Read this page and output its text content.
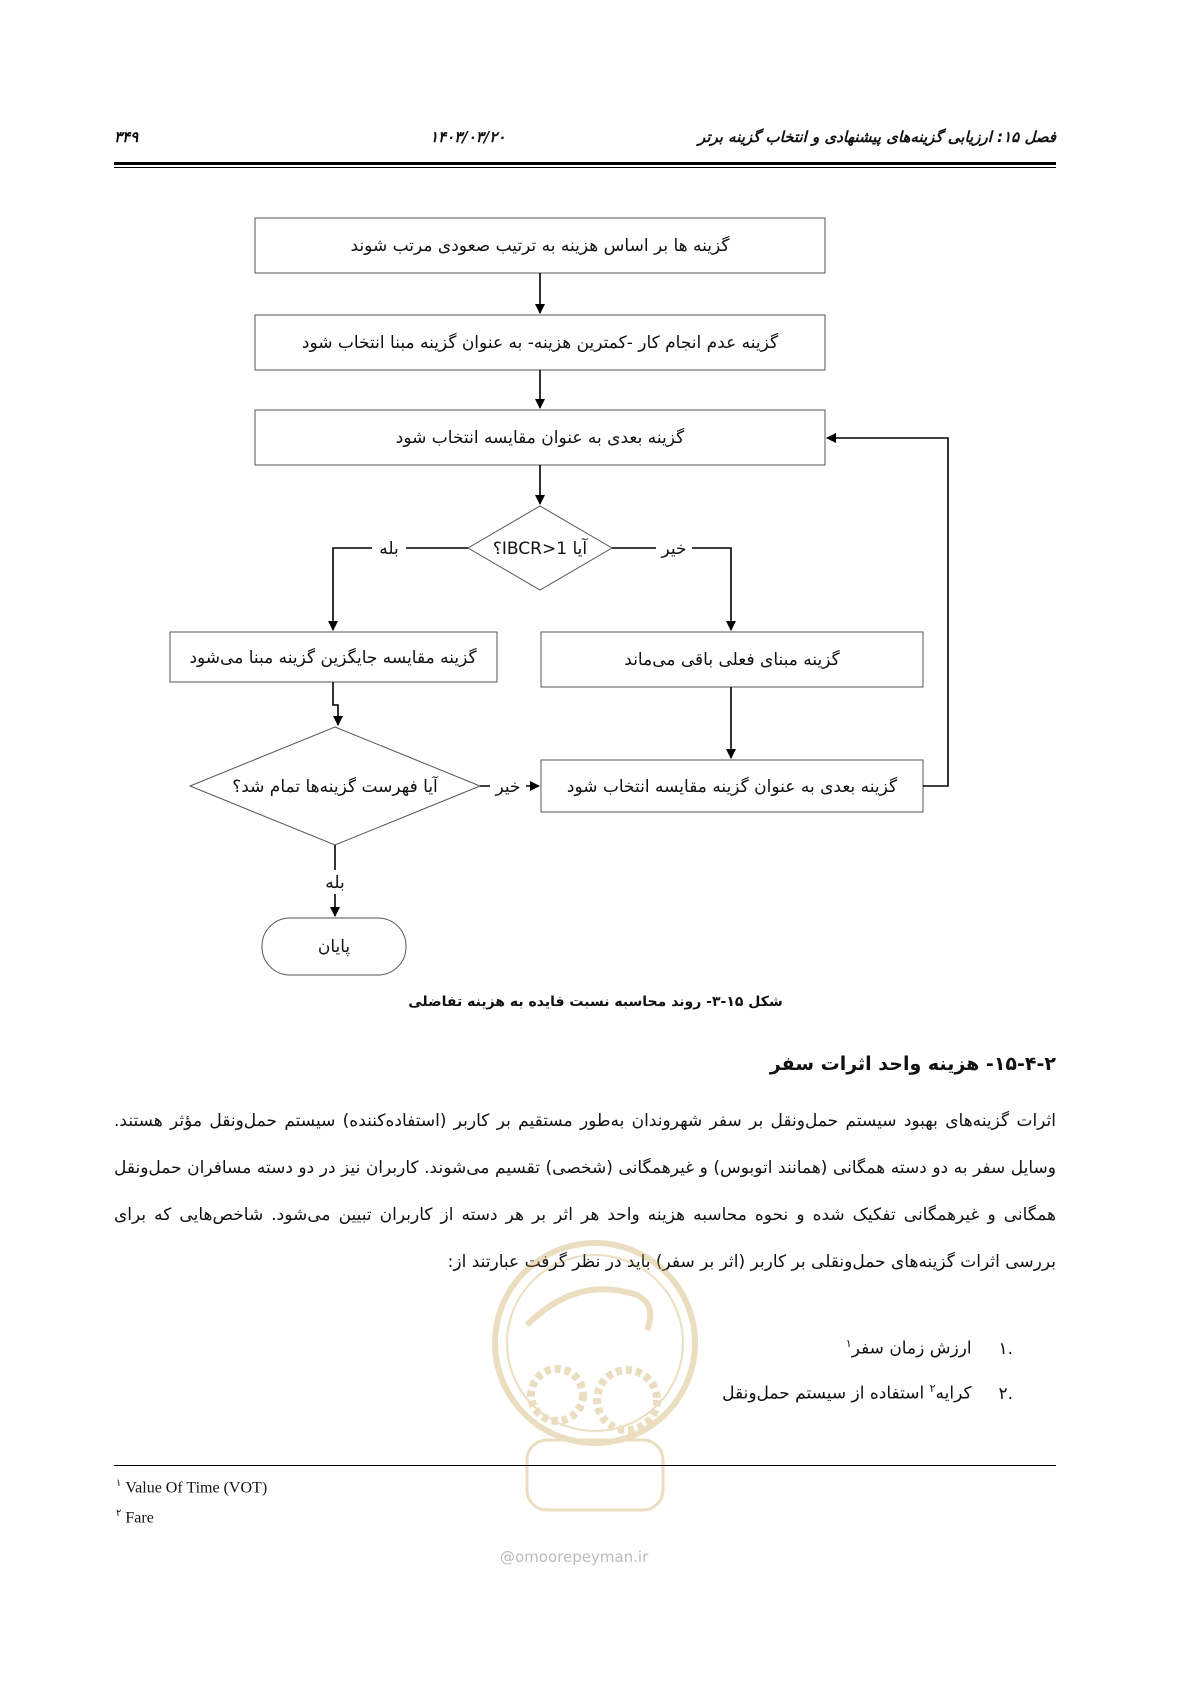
۳۴۹	۱۴۰۳/۰۳/۲۰	فصل ۱۵: ارزیابی گزینه‌های پیشنهادی و انتخاب گزینه برتر
گزینه ها بر اساس هزینه به ترتیب صعودی مرتب شوند
گزینه عدم انجام کار -کمترین هزینه- به عنوان گزینه مبنا انتخاب شود
گزینه بعدی به عنوان مقایسه انتخاب شود
آیا IBCR>1؟
بله	خیر
گزینه مقایسه جایگزین گزینه مبنا می‌شود	گزینه مبنای فعلی باقی می‌ماند
آیا فهرست گزینه‌ها تمام شد؟	خیر	گزینه بعدی به عنوان گزینه مقایسه انتخاب شود
بله
پایان
شکل ۱۵-۳- روند محاسبه نسبت فایده به هزینه تفاضلی
۱۵-۴-۲- هزینه واحد اثرات سفر
اثرات گزینه‌های بهبود سیستم حمل‌ونقل بر سفر شهروندان به‌طور مستقیم بر کاربر (استفاده‌کننده) سیستم حمل‌ونقل مؤثر هستند. وسایل سفر به دو دسته همگانی (همانند اتوبوس) و غیرهمگانی (شخصی) تقسیم می‌شوند. کاربران نیز در دو دسته مسافران حمل‌ونقل همگانی و غیرهمگانی تفکیک شده و نحوه محاسبه هزینه واحد هر اثر بر هر دسته از کاربران تبیین می‌شود. شاخص‌هایی که برای بررسی اثرات گزینه‌های حمل‌ونقلی بر کاربر (اثر بر سفر) باید در نظر گرفت عبارتند از:
.۱ ارزش زمان سفر$^۱$
.۲ کرایه$^۲$ استفاده از سیستم حمل‌ونقل
@omoorepeyman.ir
$^۱$ Value Of Time (VOT)
$^۲$ Fare
